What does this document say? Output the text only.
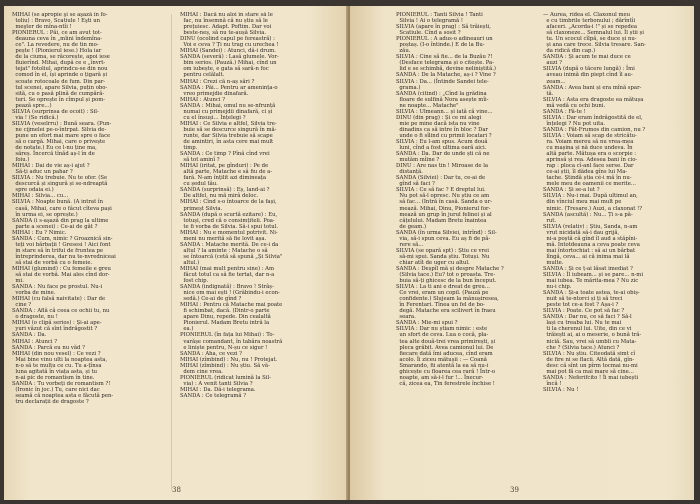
MIHAI (se apropie şi se aşază în fo-
toliu) : Bravo, Scatiule ! Eşti un
meşter de mîna-ntîi !
PIONIERUL : Păi, ce am avut tot-
deauna ceva în „mîini îndemîna-
ce". La revedere, nu de tin mo-
pește ! (Pionierul iese.) Hola iar
de la ciuma, se răcorește, apoi iese
fluierînd. Mihai, după ce e „învrt-
tejat" fotoliul, aprindcu-se din nou
comod în el, își aprinde o țigară și
scoate rotocoale de fum. Din par-
tul scenei, apare Silvia, puțin obo-
sită, cu o pasă plină de cumpără-
turi. Se oprește în cîmpul și pom-
pează spre...)
SILVIA (surprinsa de ocoit) : Sil-
via ! (Se ridică.)
SILVIA (veselrru) : Bună seara. (Pun-
ne cijmelei pe-o-întrpat. Silvia de-
pune un efort mai mare spre o face
să o cargă. Mihai, care o privește
de notate.) Eu ce l-nu ține ma,
săreș. Încercă tînăd aș-l în de
foiu.)
MIHAI : Dai de vie aș-i ajut ?
Să-ți aduc un pahar ?
SILVIA : Nu trebuie. Nu te ofer. (Se
descurcă și singură și se-ndreaptă
spre odaia ei.)
MIHAI : Silvia... cu...
SILVIA : Noapte bună. (A intrat în
casă, Mihai, care o fácut cîteva pași
în urma ei, se oprește.)
SANDA (i s-aşază din prag la ultime
parte a scenei) : Ce-ai de găt ?
MIHAI : Eu ? Nimic.
SANDA : Cum, nimic ? Groaznică sin-
teți voi bărbații ! Gresesi ! Aici font
in stare să în trifui de fruntea pe
întreprinderea, dar nu te-nvredniceai
să stai de vorbă cu o femeie.
MIHAI (glumind) : Cu femeile e greu
să stai de vorbă. Mai ales cînd dor-
mi.
SANDA : Nu face pe prostul. Nu-i
vorba de mine.
MIHAI (cu falsă naivitate) : Dar de
cine ?
SANDA : Află că ceea ce ochii tu, nu
o dragoste, nu !
MIHAI (o clipă serios) : Și-ai ape-
yuri văzut că sînt îndrăgostit ?
SANDA : Da.
MIHAI : Atunci ?
SANDA : Parcă eu nu văd ?
MIHAI (din nou vesel) : Ce vezi ?
Mai bine vinu ulti la noaptea asta,
n-o să te mulțu ce cu. Tu a-țînsa
luna agitată în viața asta, și tu
n-ai pic de romantism în tine.
SANDA : Tu vorbeți de romantism ?!
(Ironic în joc.) Tu, care nici dac
seamă că noaptea asta e făcută pen-
tru declarații de dragoste ?
MIHAI : Dacă nu aloi în stare să le
fac, nu însemnă că nu știu să le
prețuiesc. Adapt. Poftim. Dar voi
beste-neș, să nu te-aușă Silvia.
DINU (ocolind capul pe fereastră) :
Voi e ceva ? Ți nu trag cu urechea !
MIHAI (Sandei) : Atunci, dă-i drum.
SANDA (severă) : Lasă glumele. Vor-
bim serios. (Pauză.) Mihai, cînd un
om iubește, e gata să sară-n foc
pentru celălalt.
MIHAI : Crezi că n-aș sări ?
SANDA : Păi... Pentru ar amenința-o
vreo primejdie dinafară.
MIHAI : Atunci ?
SANDA : Mihai, omul nu se-nfrunță
numai cu primejdii dinafară, ci și
cu el însuși... Înțelegi ?
MIHAI : Ce Silvia e altfel, Silvia tre-
buie să se descurce singură în mă-
runte, dar Silvia trebuie să scape
de amintiri, în asta cere mai mult
timp.
SANDA : Ce timp ? Pînă cînd vrei
să tot aminî ?
MIHAI (iritat, pe gînduri) : Pe de
altă parte, Matache e să fiu de a-
fară. N-am înțilit azi dimineața
cu ședul tău.
SANDA (surprinsă) : Eș, land-ai ?
De altfel, nu mă mirâ deloc.
MIHAI : Cînd s-o întoarce de la fași,
primeșt Silvia.
SANDA (după o scurtă ezitare) : Eu,
totuși, cred că o consimțiteli. Poa-
te fi vorba de Silvia. Să-i spui totul.
MIHAI : Nu e momentul potrivit. Ni-
meni nu merită să fie lovit așa.
SANDA : Matache merită. De ce-i da
altul ? la aminte : Matache o să
se întoarcă (cetă să spună „Și Silvia"
altul.)
MIHAI (mai mult pentru sine) : Am
făcut totul ca să fie tertat, dar n-a
fost chip.
SANDA (indignată) : Bravo ! Strâș-
nice om mai ești ! (Grăbindu-i econ-
sedă.) Ce-ai de gînd ?
MIHAI : Pentru că Matache mai poate
fi schimbat, dacă. (Dintr-o parte
apare Dinu, repede. Din cealaltă
Pionierul. Madam Bretu intră la
ea.)
PIONIERUL (în fața lui Mihai) : To-
varășe comandant, în tabăra noastră
e liniște pentru, N-șu ce sigur !
SANDA : Aha, ce vezi ?
MIHAI (zîmbind) : Nu, nu ! Protejat.
MIHAI (zîmbind) : Nu știu. Să vă-
dem cine vrea.
PIONIERUL (ridicat lumină la Sil-
via) : A venit tanti Silvia ?
MIHAI : Da. Dă-i telegrama.
SANDA : Ce telegramă ?
38
PIONIERUL : Tanti Silvia ! Tanti
Silvia ! Ai o telegramă !
SILVIA (apare în prag) : Să trăiești,
Scatiule. Cînd a sosit ?
PIONIERUL : A adus-o adineauri un
poștaș. (I-o întinde.) E de la Bu-
zău.
SILVIA : Cine să fie... de la Buzău ?!
(Desface telegrama și o citește. Pa-
lid e se schimbă, devine neliniștită.)
SANDA : De la Matache, aș-i ? Vine ?
SILVIA : Da... (Întinde Sandei tele-
grama.)
SANDA (citind) : „Cînd la grădina
floare de sulfină Nora asește mîi-
ne noapte... Matache"
SILVIA : Ulmeann... și iată că vine...
DINU (din prag) : Și ce mi alegi
mie pe mine dacă ista nu vine
dinadins ca să intre în bloc ? Dar
unde o fi sîlind cu primii locatari ?
SILVIA : Eu l-am spus. Acum două
luni, cînd a fost ultima oară aici.
SANDA : Da. Dar de unde ști că ne
mutăm mîine ?
DINU : Are nas tin ! Miroase de la
distanță.
SANDA (Silviei) : Dar tu, ce-ai de
gînd să faci ?
SILVIA : Ce să fac ? E dreptul lui.
Nu pot să-l opresc. Nu știu ce am
să fac... (Intră în casă. Sanda o ur-
mează. Mihai, Dinu, Pionierul for-
mează un grup în jurul felinei și al
cățelului. Madam Bretu înaintea
de geam.)
SANDA (în urma Silviei, intrînd) : Sil-
via, să-i spun ceva. Eu aș fi de pă-
rere să...
SILVIA (se opară spt) : Știu ce vrei
să-mi spui. Sanda știu. Totuși. Nu
chiar atît de uger cu altul.
SANDA : Deșpîl mă și despre Matache ?
(Silvia tace.) Eu? tot o proasta. Tre-
buia să-ți ghicesc de la bun început.
SILVIA : La ti ani e dreat de greu...
Ce vrei, eram un copil. (Pauză pe
confidente.) Slujeam la mănușiresea,
în Ferentari. Tînea un fel de bo-
degă. Matache era scilivert în fraeu
seara.
SANDA : Mie-mi spui ?
SILVIA : Dar nu știam nimic : este
un sfort de ceva. Lua o cocă, pla-
tea alte două-trei vrea primirești, și
pleca grăbit. Avea camionul lui. De
fiecare dată îmi aducea, cînd eram
acolo. Îi ziceu mătușii : — Coană
Smarando, fii atentă la ea să nu-i
ghicește cu floarea cea rară ! Într-o
noapte, am să-i-l fur !... Înecur-
că, zicea ea, Tin ferestrele închise !
— Aurea, rîdea el. Claxonul meu
e cu timbrile terbonului ; dărîntîi
afaceri. „Acorda-i !" și se repedea
să claxoneze... Semnalul lui. Îl știi și
tu. Un scocul cîlpă, se duce și nu-
și ana care trece. Silvia tresare. San-
da ridică din cap.)
SANDA : Și acum te mai duce ce
auzi ?
SILVIA (după o tăcere lungă) : Îmi
aveau inimă din piept cînd îl au-
zeam...
SANDA : Avea bani și era mînă spar-
tă.
SILVIA : Asta era dragoste ea mătușa
mă vedă cu ochi buni.
SANDA : Fă-te !
SILVIA : Dar eram îndrăgostită de el,
înțelegi ? Nu pot uita.
SANDA : Făt-Frumos din camion, nu ?
SILVIA : Voiam să scap de stricătu-
ra. Voiam mereu să nu vrea-mea
cu mașina și nă duce undeva. În
altă parte. Mătușa era o scorpie :
aprinsă și rea. Adesea bani în cio-
rap : ploca cî-anl face serse. Dar
ce-ai știi, îl dădea gîns lui Ma-
tache. Știndă știa cé-i mă în nu-
mele meu de oamenii ce merite...
SANDA : Și se-a lut ?
SILVIA : Nu-i mai. După ultimul an,
din vînciul meu mai mult pe
nimic. (Tresare.) Auzi, a claxonat !?
SANDA (ascultă) : Nu... Ți s-a pă-
rut.
SILVIA (relativ) : Știu, Sanda, n-am
vrut nicidată să-i dau grijă,
ni-a poștă că gînd îl aud a stăpîni-
mă. Intotdeauna a ceva poate ceva
mai întortochiat : să ai un bărbat
lîngă, ceva... ai că inima mai lă
multe.
SANDA : Și ce ț-ai lăsat imediat ?
SILVIA : Îl iubeam... și se pare... n-mi
mai iubea. Te mărita-mea ? Nu zic
nu-i chip.
SANDA : Și-a toate astea, te-ai obiș-
nuit să te-ntorci și ți să treci
peste tot ce-a fost ? Așa-i ?
SILVIA : Poate. Ce pot să fac ?
SANDA : Dar nu, ce să faci ? Să-l
lași cu treaba lui. Nu te mai
ti la cherenul lui. Uite, din ce vi
trăiești ai, ai o meserie, o bună tră-
niciă. Sau, vrei să umbli cu Mata-
che ? (Silvia tace.) Atunci ?
SILVIA : Nu știu. Citeodată simt cî
de fire ni se flacii. Altă dată, gîn-
desc că sînt un pîrm tocmai nu-mi
mai pot fă ca mai mare să cine...
SANDA : Neferifcito ! Îi mai iubești
încă !
SILVIA : Nu !
39
